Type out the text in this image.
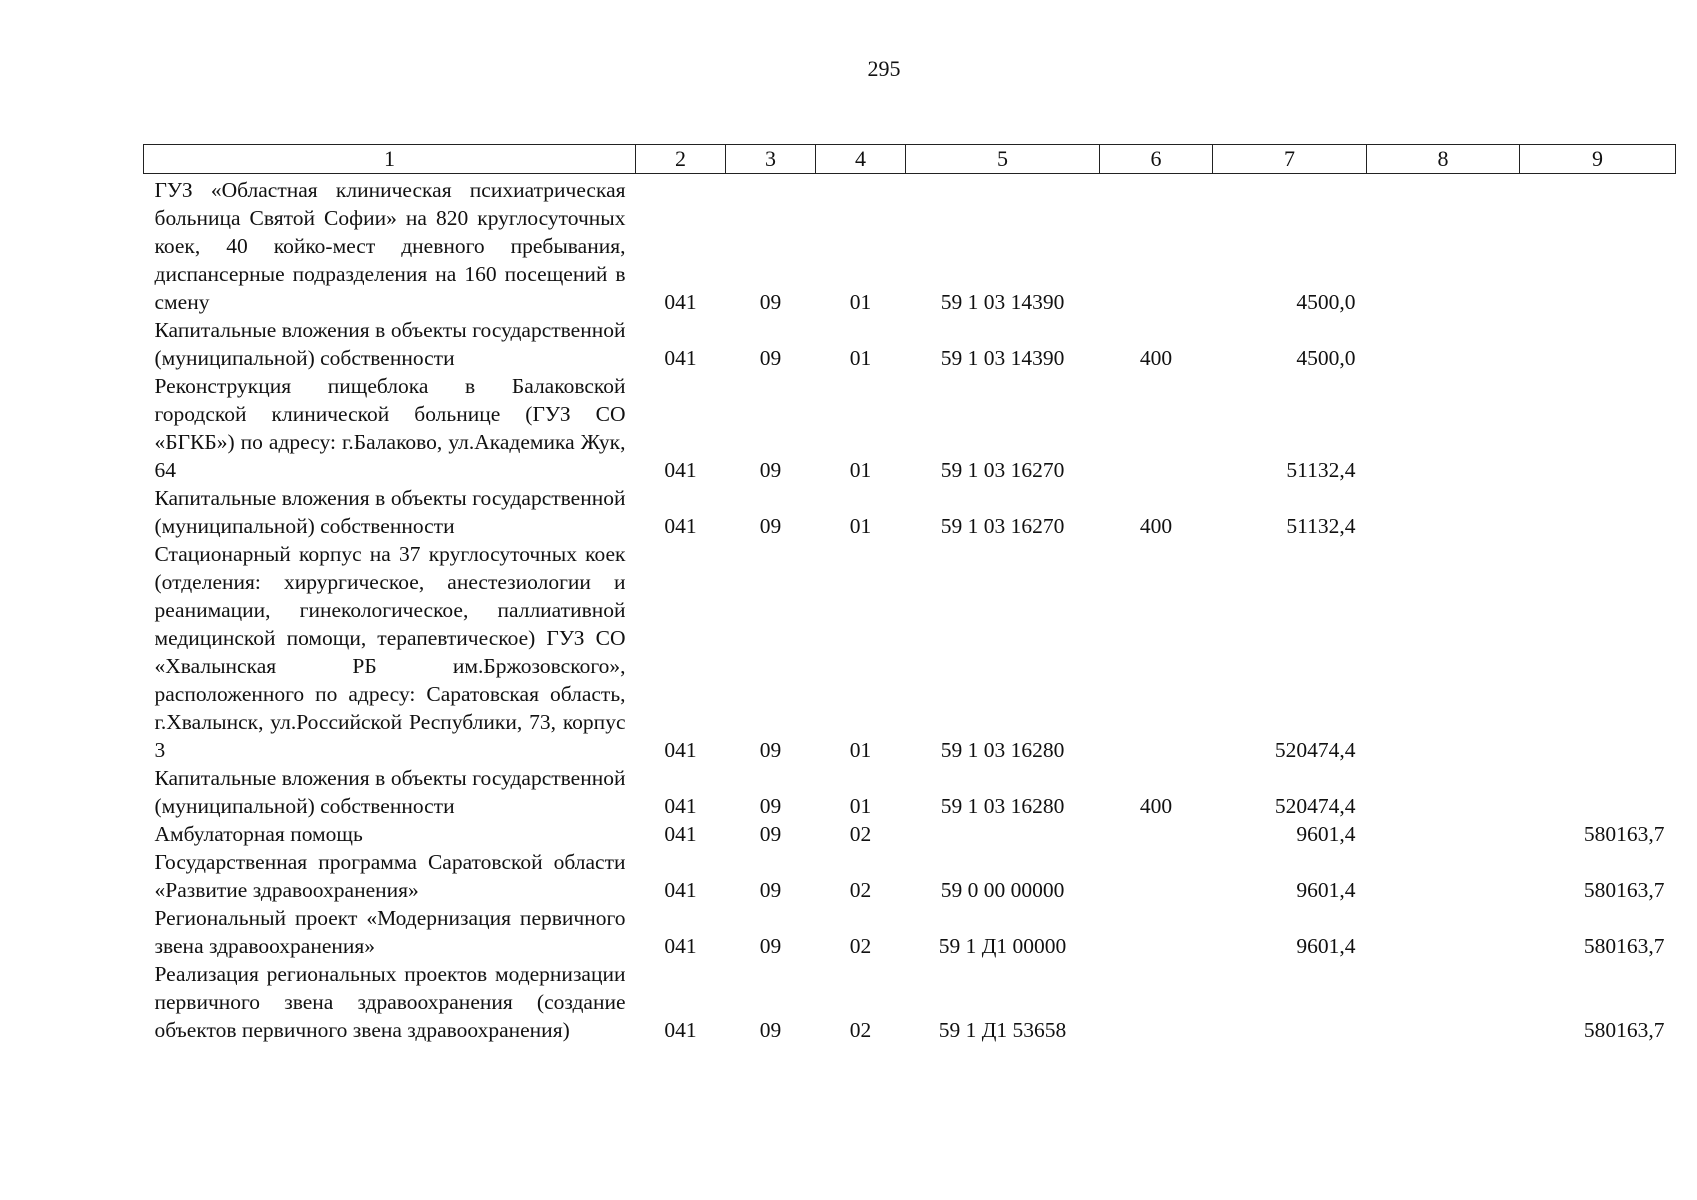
295
1	2	3	4	5	6	7	8	9
ГУЗ «Областная клиническая психиатрическая больница Святой Софии» на 820 круглосуточных коек, 40 койко-мест дневного пребывания, диспансерные подразделения на 160 посещений в смену	041	09	01	59 1 03 14390		4500,0		
Капитальные вложения в объекты государственной (муниципальной) собственности	041	09	01	59 1 03 14390	400	4500,0		
Реконструкция пищеблока в Балаковской городской клинической больнице (ГУЗ СО «БГКБ») по адресу: г.Балаково, ул.Академика Жук, 64	041	09	01	59 1 03 16270		51132,4		
Капитальные вложения в объекты государственной (муниципальной) собственности	041	09	01	59 1 03 16270	400	51132,4		
Стационарный корпус на 37 круглосуточных коек (отделения: хирургическое, анестезиологии и реанимации, гинекологическое, паллиативной медицинской помощи, терапевтическое) ГУЗ СО «Хвалынская РБ им.Бржозовского», расположенного по адресу: Саратовская область, г.Хвалынск, ул.Российской Республики, 73, корпус 3	041	09	01	59 1 03 16280		520474,4		
Капитальные вложения в объекты государственной (муниципальной) собственности	041	09	01	59 1 03 16280	400	520474,4		
Амбулаторная помощь	041	09	02			9601,4		580163,7
Государственная программа Саратовской области «Развитие здравоохранения»	041	09	02	59 0 00 00000		9601,4		580163,7
Региональный проект «Модернизация первичного звена здравоохранения»	041	09	02	59 1 Д1 00000		9601,4		580163,7
Реализация региональных проектов модернизации первичного звена здравоохранения (создание объектов первичного звена здравоохранения)	041	09	02	59 1 Д1 53658				580163,7
